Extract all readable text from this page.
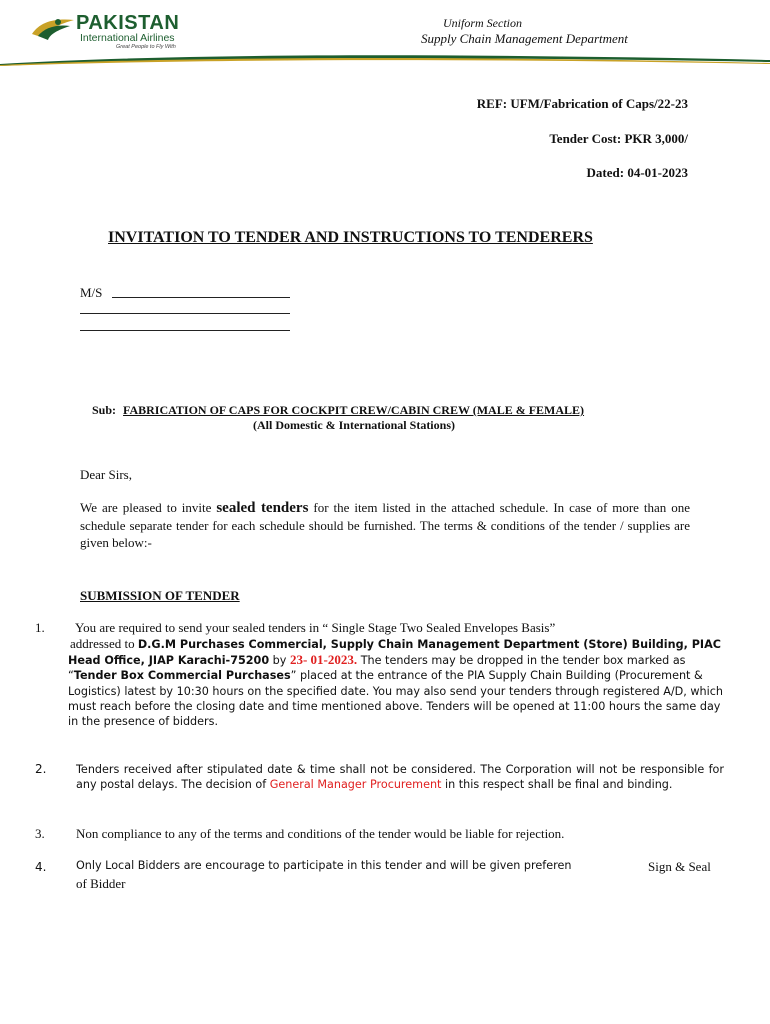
PAKISTAN
International Airlines
Great People to Fly With
Uniform Section
Supply Chain Management Department
REF: UFM/Fabrication of Caps/22-23
Tender Cost: PKR 3,000/
Dated: 04-01-2023
INVITATION TO TENDER AND INSTRUCTIONS TO TENDERERS
M/S
Sub: FABRICATION OF CAPS FOR COCKPIT CREW/CABIN CREW (MALE & FEMALE)
(All Domestic & International Stations)
Dear Sirs,
We are pleased to invite sealed tenders for the item listed in the attached schedule. In case of more than one schedule separate tender for each schedule should be furnished. The terms & conditions of the tender / supplies are given below:-
SUBMISSION OF TENDER
1. You are required to send your sealed tenders in “ Single Stage Two Sealed Envelopes Basis”
addressed to D.G.M Purchases Commercial, Supply Chain Management Department (Store) Building, PIAC Head Office, JIAP Karachi-75200 by 23- 01-2023. The tenders may be dropped in the tender box marked as “Tender Box Commercial Purchases” placed at the entrance of the PIA Supply Chain Building (Procurement & Logistics) latest by 10:30 hours on the specified date. You may also send your tenders through registered A/D, which must reach before the closing date and time mentioned above. Tenders will be opened at 11:00 hours the same day in the presence of bidders.
2.	Tenders received after stipulated date & time shall not be considered. The Corporation will not be responsible for any postal delays. The decision of General Manager Procurement in this respect shall be final and binding.
3. Non compliance to any of the terms and conditions of the tender would be liable for rejection.
4.	Only Local Bidders are encourage to participate in this tender and will be given preferen
of Bidder
Sign & Seal
